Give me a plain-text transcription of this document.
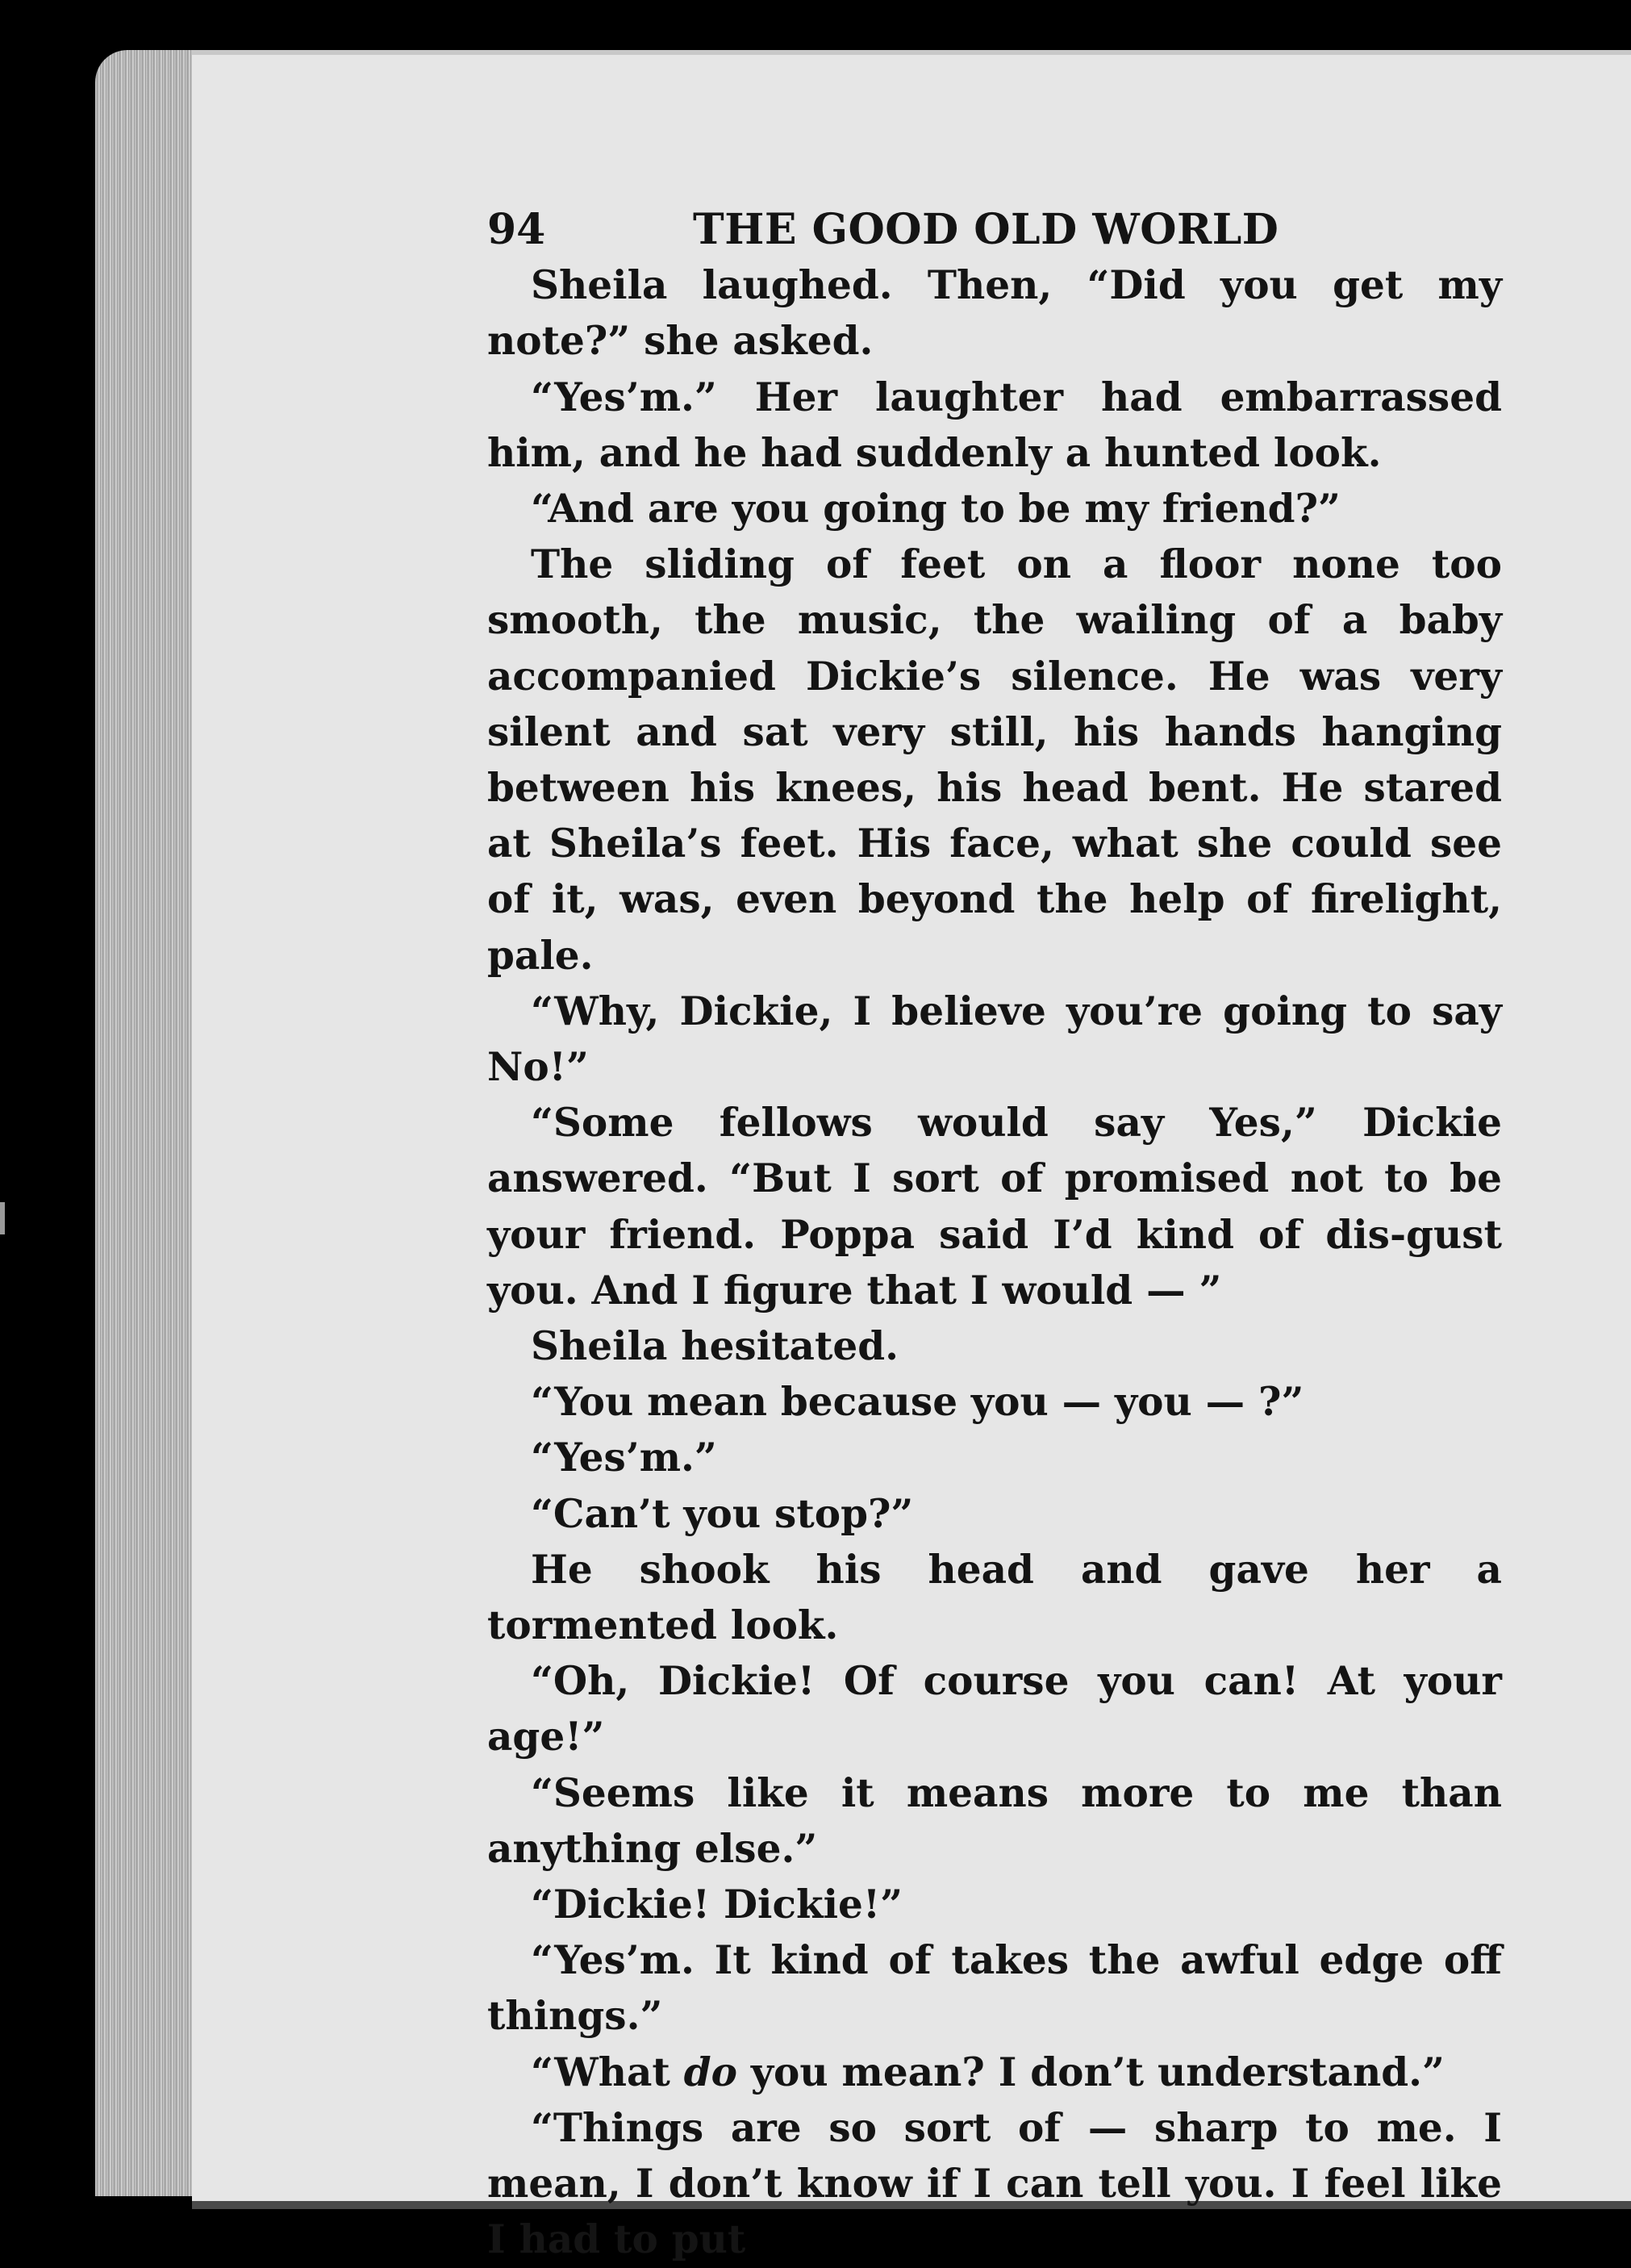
94	THE GOOD OLD WORLD

Sheila laughed. Then, “Did you get my note?” she asked.

“Yes’m.” Her laughter had embarrassed him, and he had suddenly a hunted look.

“And are you going to be my friend?”

The sliding of feet on a floor none too smooth, the music, the wailing of a baby accompanied Dickie’s silence. He was very silent and sat very still, his hands hanging between his knees, his head bent. He stared at Sheila’s feet. His face, what she could see of it, was, even beyond the help of firelight, pale.

“Why, Dickie, I believe you’re going to say No!”

“Some fellows would say Yes,” Dickie answered. “But I sort of promised not to be your friend. Poppa said I’d kind of dis-gust you. And I figure that I would — ”

Sheila hesitated.

“You mean because you — you — ?”

“Yes’m.”

“Can’t you stop?”

He shook his head and gave her a tormented look.

“Oh, Dickie! Of course you can! At your age!”

“Seems like it means more to me than anything else.”

“Dickie! Dickie!”

“Yes’m. It kind of takes the awful edge off things.”

“What do you mean? I don’t understand.”

“Things are so sort of — sharp to me. I mean, I don’t know if I can tell you. I feel like I had to put
